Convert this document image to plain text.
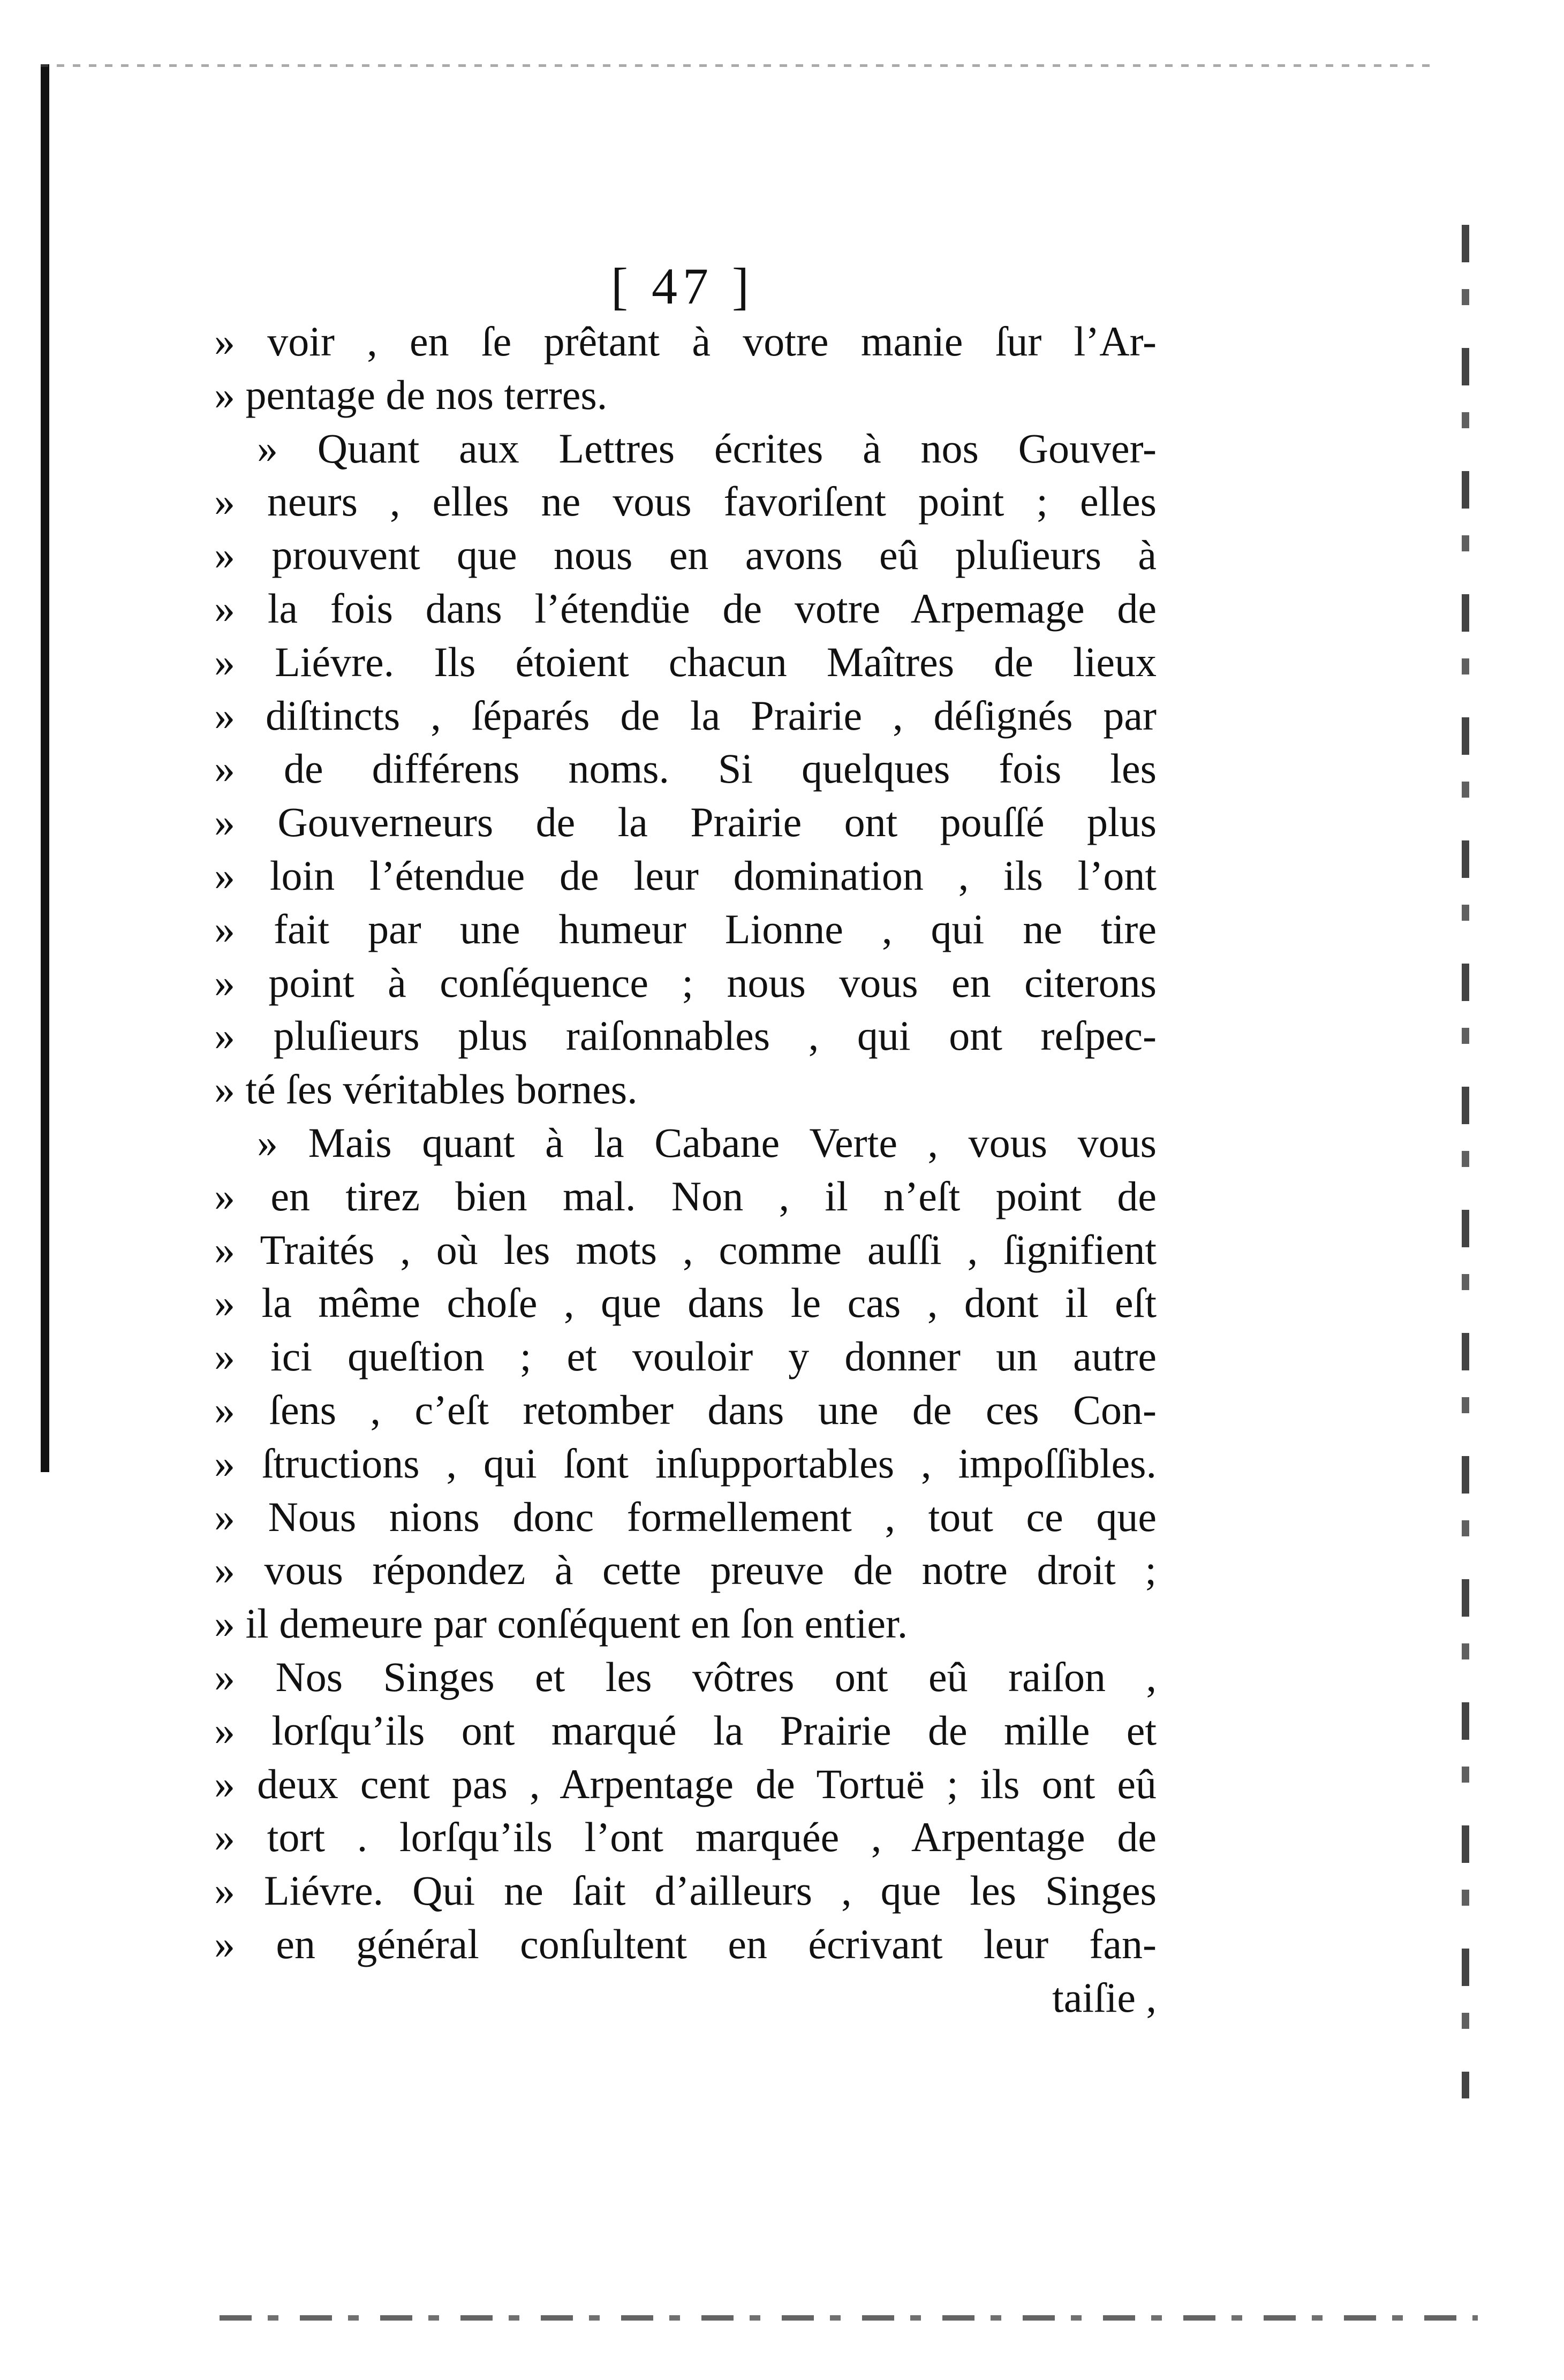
[ 47 ]
» voir , en ſe prêtant à votre manie ſur l’Ar-
» pentage de nos terres.
» Quant aux Lettres écrites à nos Gouver-
» neurs , elles ne vous favoriſent point ; elles
» prouvent que nous en avons eû pluſieurs à
» la fois dans l’étendüe de votre Arpemage de
» Liévre. Ils étoient chacun Maîtres de lieux
» diſtincts , ſéparés de la Prairie , déſignés par
» de différens noms. Si quelques fois les
» Gouverneurs de la Prairie ont pouſſé plus
» loin l’étendue de leur domination , ils l’ont
» fait par une humeur Lionne , qui ne tire
» point à conſéquence ; nous vous en citerons
» pluſieurs plus raiſonnables , qui ont reſpec-
» té ſes véritables bornes.
» Mais quant à la Cabane Verte , vous vous
» en tirez bien mal. Non , il n’eſt point de
» Traités , où les mots , comme auſſi , ſignifient
» la même choſe , que dans le cas , dont il eſt
» ici queſtion ; et vouloir y donner un autre
» ſens , c’eſt retomber dans une de ces Con-
» ſtructions , qui ſont inſupportables , impoſſibles.
» Nous nions donc formellement , tout ce que
» vous répondez à cette preuve de notre droit ;
» il demeure par conſéquent en ſon entier.
» Nos Singes et les vôtres ont eû raiſon ,
» lorſqu’ils ont marqué la Prairie de mille et
» deux cent pas , Arpentage de Tortuë ; ils ont eû
» tort . lorſqu’ils l’ont marquée , Arpentage de
» Liévre. Qui ne ſait d’ailleurs , que les Singes
» en général conſultent en écrivant leur fan-
taiſie ,
